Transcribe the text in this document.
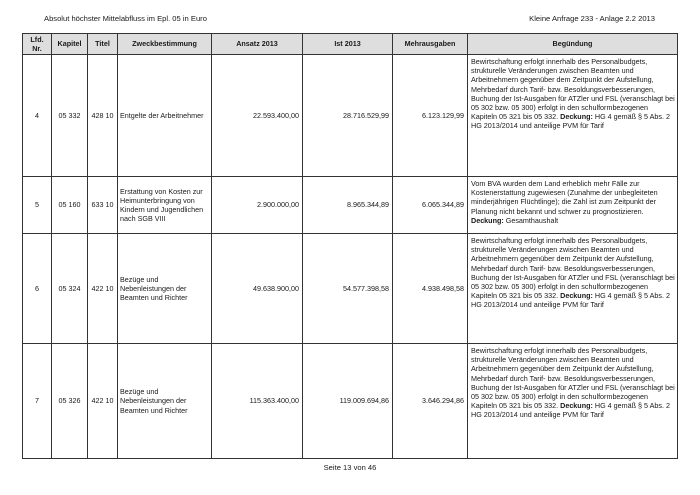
Absolut höchster Mittelabfluss im Epl. 05 in Euro	Kleine Anfrage 233 - Anlage 2.2 2013
Lfd. Nr.	Kapitel	Titel	Zweckbestimmung	Ansatz 2013	Ist 2013	Mehrausgaben	Begündung
4	05 332	428 10	Entgelte der Arbeitnehmer	22.593.400,00	28.716.529,99	6.123.129,99	Bewirtschaftung erfolgt innerhalb des Personalbudgets, strukturelle Veränderungen zwischen Beamten und Arbeitnehmern gegenüber dem Zeitpunkt der Aufstellung, Mehrbedarf durch Tarif- bzw. Besoldungsverbesserungen, Buchung der Ist-Ausgaben für ATZler und FSL (veranschlagt bei 05 302 bzw. 05 300) erfolgt in den schulformbezogenen Kapiteln 05 321 bis 05 332. Deckung: HG 4 gemäß § 5 Abs. 2 HG 2013/2014 und anteilige PVM für Tarif
5	05 160	633 10	Erstattung von Kosten zur Heimunterbringung von Kindern und Jugendlichen nach SGB VIII	2.900.000,00	8.965.344,89	6.065.344,89	Vom BVA wurden dem Land erheblich mehr Fälle zur Kostenerstattung zugewiesen (Zunahme der unbegleiteten minderjährigen Flüchtlinge); die Zahl ist zum Zeitpunkt der Planung nicht bekannt und schwer zu prognostizieren. Deckung: Gesamthaushalt
6	05 324	422 10	Bezüge und Nebenleistungen der Beamten und Richter	49.638.900,00	54.577.398,58	4.938.498,58	Bewirtschaftung erfolgt innerhalb des Personalbudgets, strukturelle Veränderungen zwischen Beamten und Arbeitnehmern gegenüber dem Zeitpunkt der Aufstellung, Mehrbedarf durch Tarif- bzw. Besoldungsverbesserungen, Buchung der Ist-Ausgaben für ATZler und FSL (veranschlagt bei 05 302 bzw. 05 300) erfolgt in den schulformbezogenen Kapiteln 05 321 bis 05 332. Deckung: HG 4 gemäß § 5 Abs. 2 HG 2013/2014 und anteilige PVM für Tarif
7	05 326	422 10	Bezüge und Nebenleistungen der Beamten und Richter	115.363.400,00	119.009.694,86	3.646.294,86	Bewirtschaftung erfolgt innerhalb des Personalbudgets, strukturelle Veränderungen zwischen Beamten und Arbeitnehmern gegenüber dem Zeitpunkt der Aufstellung, Mehrbedarf durch Tarif- bzw. Besoldungsverbesserungen, Buchung der Ist-Ausgaben für ATZler und FSL (veranschlagt bei 05 302 bzw. 05 300) erfolgt in den schulformbezogenen Kapiteln 05 321 bis 05 332. Deckung: HG 4 gemäß § 5 Abs. 2 HG 2013/2014 und anteilige PVM für Tarif
Seite 13 von 46
